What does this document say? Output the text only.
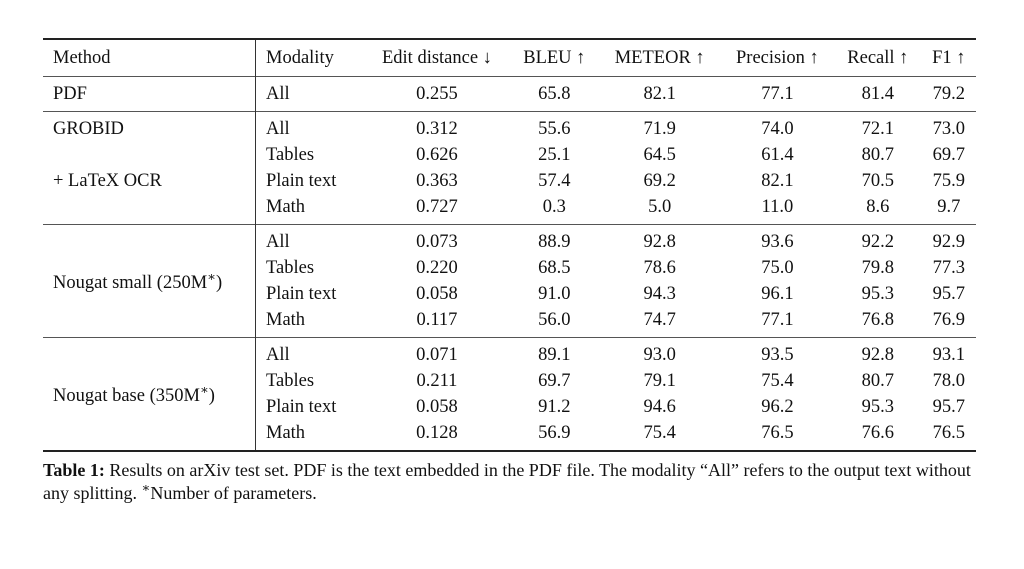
Method	Modality	Edit distance ↓	BLEU ↑	METEOR ↑	Precision ↑	Recall ↑	F1 ↑
PDF	All	0.255	65.8	82.1	77.1	81.4	79.2
GROBID	All	0.312	55.6	71.9	74.0	72.1	73.0
	Tables	0.626	25.1	64.5	61.4	80.7	69.7
+ LaTeX OCR	Plain text	0.363	57.4	69.2	82.1	70.5	75.9
	Math	0.727	0.3	5.0	11.0	8.6	9.7
Nougat small (250M∗)	All	0.073	88.9	92.8	93.6	92.2	92.9
	Tables	0.220	68.5	78.6	75.0	79.8	77.3
	Plain text	0.058	91.0	94.3	96.1	95.3	95.7
	Math	0.117	56.0	74.7	77.1	76.8	76.9
Nougat base (350M∗)	All	0.071	89.1	93.0	93.5	92.8	93.1
	Tables	0.211	69.7	79.1	75.4	80.7	78.0
	Plain text	0.058	91.2	94.6	96.2	95.3	95.7
	Math	0.128	56.9	75.4	76.5	76.6	76.5
Table 1: Results on arXiv test set. PDF is the text embedded in the PDF file. The modality “All” refers to the output text without any splitting. ∗Number of parameters.
